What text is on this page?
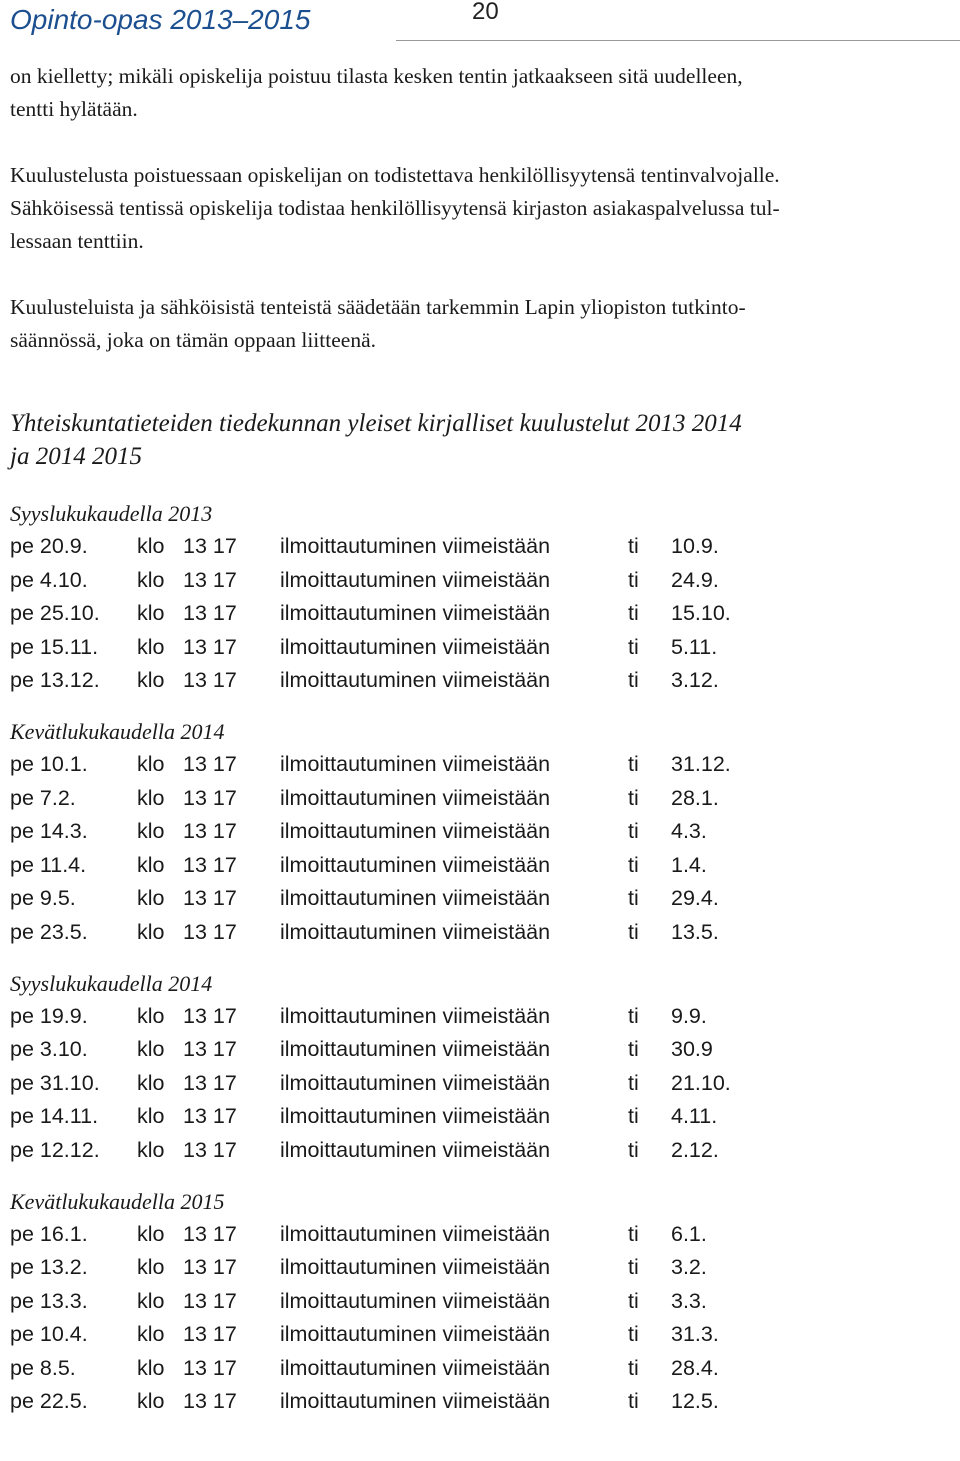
Opinto-opas 2013–2015	20

on kielletty; mikäli opiskelija poistuu tilasta kesken tentin jatkaakseen sitä uudelleen,
tentti hylätään.

Kuulustelusta poistuessaan opiskelijan on todistettava henkilöllisyytensä tentinvalvojalle.
Sähköisessä tentissä opiskelija todistaa henkilöllisyytensä kirjaston asiakaspalvelussa tul-
lessaan tenttiin.

Kuulusteluista ja sähköisistä tenteistä säädetään tarkemmin Lapin yliopiston tutkinto-
säännössä, joka on tämän oppaan liitteenä.

Yhteiskuntatieteiden tiedekunnan yleiset kirjalliset kuulustelut 2013 2014
ja 2014 2015
Syyslukukaudella 2013
pe 20.9. klo 13 17 ilmoittautuminen viimeistään	ti 10.9.
pe 4.10. klo 13 17 ilmoittautuminen viimeistään	ti 24.9.
pe 25.10. klo 13 17 ilmoittautuminen viimeistään	ti 15.10.
pe 15.11. klo 13 17 ilmoittautuminen viimeistään	ti 5.11.
pe 13.12. klo 13 17 ilmoittautuminen viimeistään	ti 3.12.
Kevätlukukaudella 2014
pe 10.1. klo 13 17 ilmoittautuminen viimeistään	ti 31.12.
pe 7.2.	klo 13 17 ilmoittautuminen viimeistään	ti 28.1.
pe 14.3. klo 13 17 ilmoittautuminen viimeistään	ti 4.3.
pe 11.4. klo 13 17 ilmoittautuminen viimeistään	ti 1.4.
pe 9.5.	klo 13 17 ilmoittautuminen viimeistään	ti 29.4.
pe 23.5. klo 13 17 ilmoittautuminen viimeistään	ti 13.5.
Syyslukukaudella 2014
pe 19.9. klo 13 17 ilmoittautuminen viimeistään	ti 9.9.
pe 3.10. klo 13 17 ilmoittautuminen viimeistään	ti 30.9
pe 31.10. klo 13 17 ilmoittautuminen viimeistään	ti 21.10.
pe 14.11. klo 13 17 ilmoittautuminen viimeistään	ti 4.11.
pe 12.12. klo 13 17 ilmoittautuminen viimeistään	ti 2.12.
Kevätlukukaudella 2015
pe 16.1. klo 13 17 ilmoittautuminen viimeistään	ti 6.1.
pe 13.2. klo 13 17 ilmoittautuminen viimeistään	ti 3.2.
pe 13.3. klo 13 17 ilmoittautuminen viimeistään	ti 3.3.
pe 10.4. klo 13 17 ilmoittautuminen viimeistään	ti 31.3.
pe 8.5.	klo 13 17 ilmoittautuminen viimeistään	ti 28.4.
pe 22.5. klo 13 17 ilmoittautuminen viimeistään	ti 12.5.
